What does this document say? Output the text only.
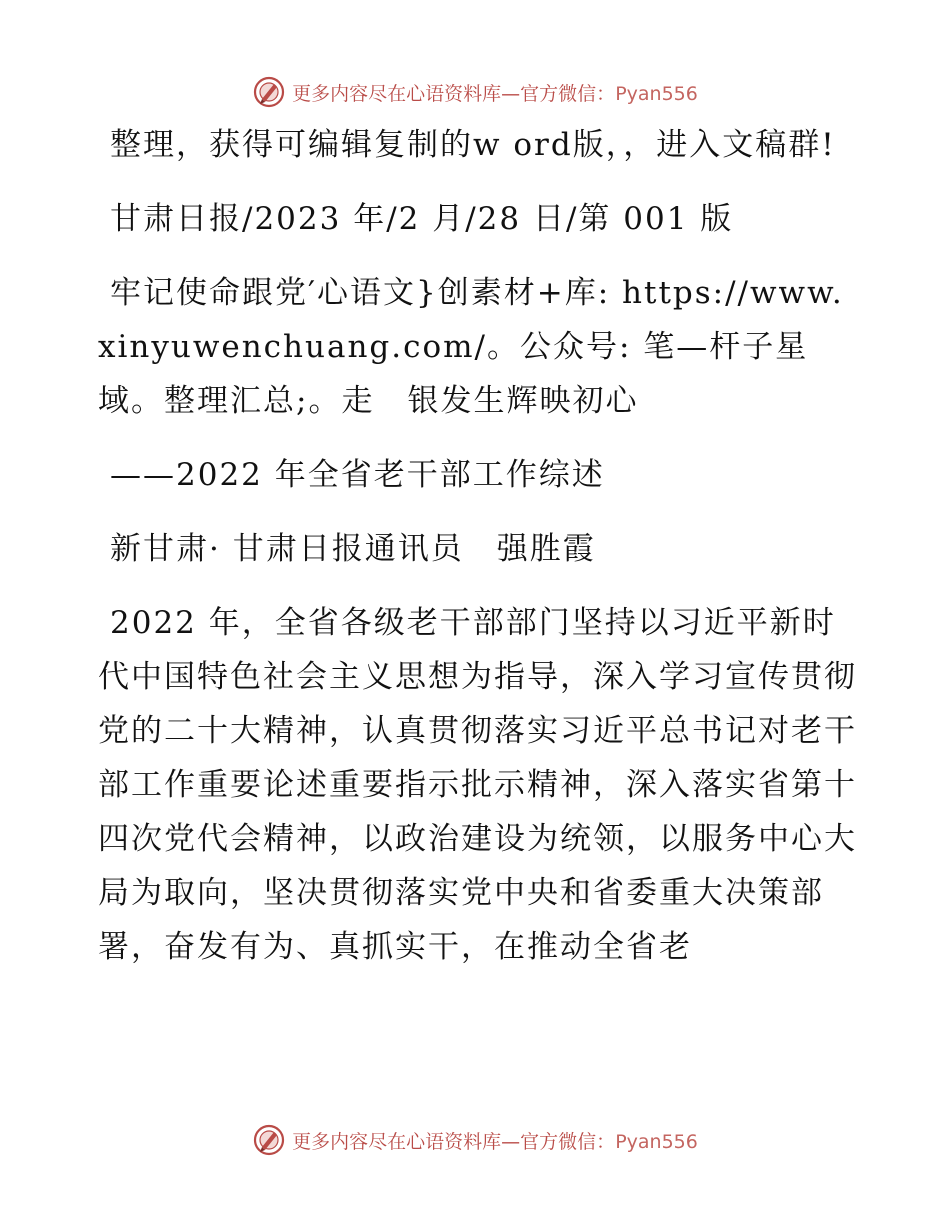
更多内容尽在心语资料库—官方微信：Pyan556

整理，获得可编辑复制的w ord版，，进入文稿群!

甘肃日报/2023 年/2 月/28 日/第 001 版

牢记使命跟党′心语文}创素材+库: https://www.xinyuwenchuang.com/。公众号: 笔—杆子星域。整理汇总;。走　银发生辉映初心

——2022 年全省老干部工作综述

新甘肃· 甘肃日报通讯员　强胜霞

2022 年，全省各级老干部部门坚持以习近平新时代中国特色社会主义思想为指导，深入学习宣传贯彻党的二十大精神，认真贯彻落实习近平总书记对老干部工作重要论述重要指示批示精神，深入落实省第十四次党代会精神，以政治建设为统领，以服务中心大局为取向，坚决贯彻落实党中央和省委重大决策部署，奋发有为、真抓实干，在推动全省老

更多内容尽在心语资料库—官方微信：Pyan556
